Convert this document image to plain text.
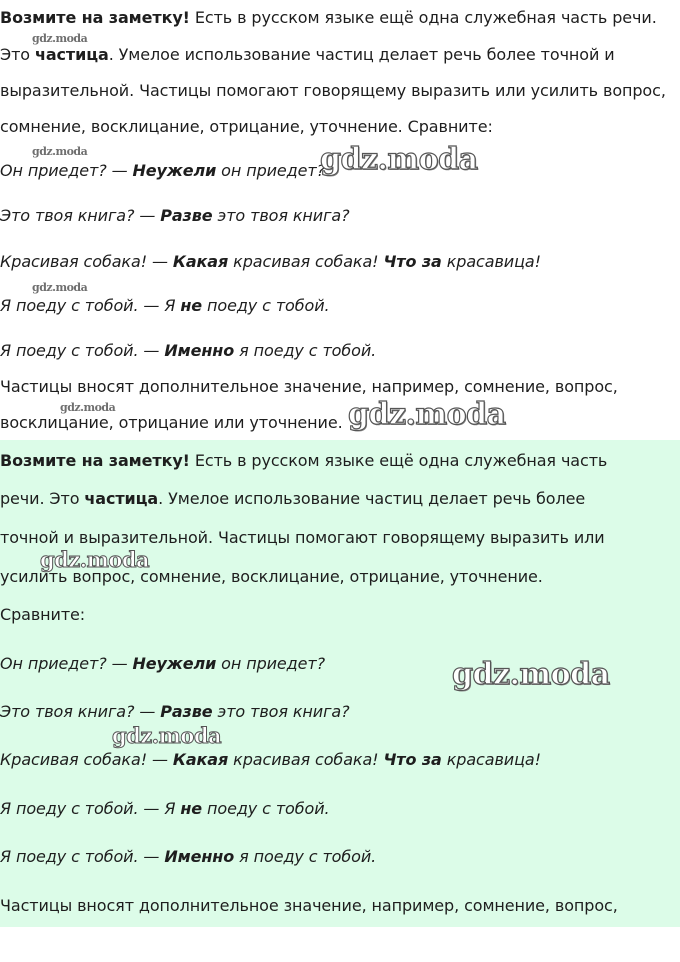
Возмите на заметку! Есть в русском языке ещё одна служебная часть речи.
Это частица. Умелое использование частиц делает речь более точной и
выразительной. Частицы помогают говорящему выразить или усилить вопрос,
сомнение, восклицание, отрицание, уточнение. Сравните:
Он приедет? — Неужели он приедет?
Это твоя книга? — Разве это твоя книга?
Красивая собака! — Какая красивая собака! Что за красавица!
Я поеду с тобой. — Я не поеду с тобой.
Я поеду с тобой. — Именно я поеду с тобой.
Частицы вносят дополнительное значение, например, сомнение, вопрос,
восклицание, отрицание или уточнение.
Возмите на заметку! Есть в русском языке ещё одна служебная часть
речи. Это частица. Умелое использование частиц делает речь более
точной и выразительной. Частицы помогают говорящему выразить или
усилить вопрос, сомнение, восклицание, отрицание, уточнение.
Сравните:
Он приедет? — Неужели он приедет?
Это твоя книга? — Разве это твоя книга?
Красивая собака! — Какая красивая собака! Что за красавица!
Я поеду с тобой. — Я не поеду с тобой.
Я поеду с тобой. — Именно я поеду с тобой.
Частицы вносят дополнительное значение, например, сомнение, вопрос,
gdz.moda
gdz.moda	gdz.moda
gdz.moda
gdz.moda	gdz.moda
gdz.moda
gdz.moda
gdz.moda
